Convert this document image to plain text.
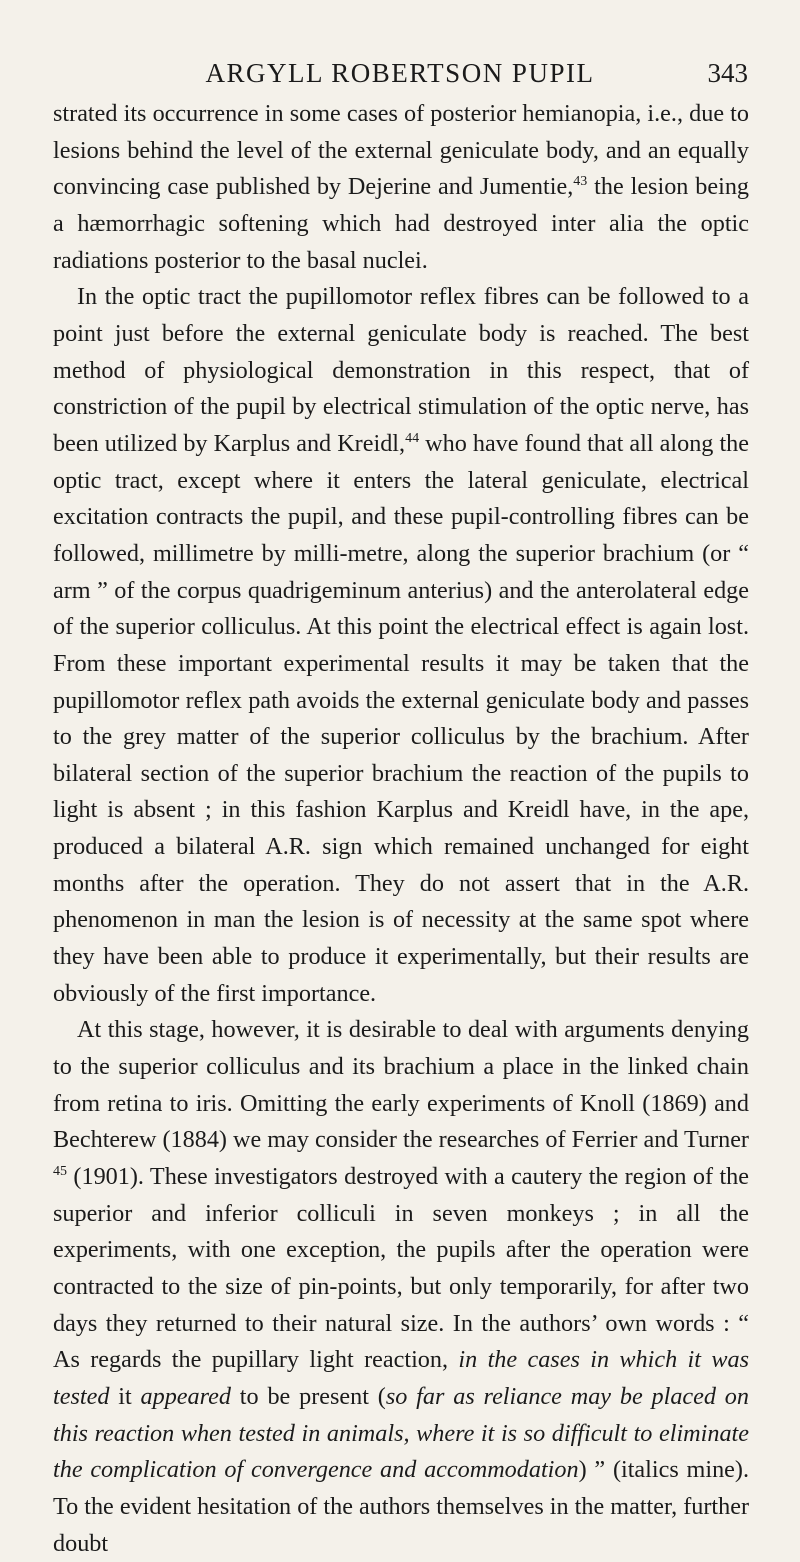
ARGYLL ROBERTSON PUPIL	343

strated its occurrence in some cases of posterior hemianopia, i.e., due to lesions behind the level of the external geniculate body, and an equally convincing case published by Dejerine and Jumentie,$^{43}$ the lesion being a hæmorrhagic softening which had destroyed inter alia the optic radiations posterior to the basal nuclei.

In the optic tract the pupillomotor reflex fibres can be followed to a point just before the external geniculate body is reached. The best method of physiological demonstration in this respect, that of constriction of the pupil by electrical stimulation of the optic nerve, has been utilized by Karplus and Kreidl,$^{44}$ who have found that all along the optic tract, except where it enters the lateral geniculate, electrical excitation contracts the pupil, and these pupil-controlling fibres can be followed, millimetre by milli-metre, along the superior brachium (or “ arm ” of the corpus quadrigeminum anterius) and the anterolateral edge of the superior colliculus. At this point the electrical effect is again lost. From these important experimental results it may be taken that the pupillomotor reflex path avoids the external geniculate body and passes to the grey matter of the superior colliculus by the brachium. After bilateral section of the superior brachium the reaction of the pupils to light is absent ; in this fashion Karplus and Kreidl have, in the ape, produced a bilateral A.R. sign which remained unchanged for eight months after the operation. They do not assert that in the A.R. phenomenon in man the lesion is of necessity at the same spot where they have been able to produce it experimentally, but their results are obviously of the first importance.

At this stage, however, it is desirable to deal with arguments denying to the superior colliculus and its brachium a place in the linked chain from retina to iris. Omitting the early experiments of Knoll (1869) and Bechterew (1884) we may consider the researches of Ferrier and Turner $^{45}$ (1901). These investigators destroyed with a cautery the region of the superior and inferior colliculi in seven monkeys ; in all the experiments, with one exception, the pupils after the operation were contracted to the size of pin-points, but only temporarily, for after two days they returned to their natural size. In the authors’ own words : “ As regards the pupillary light reaction, in the cases in which it was tested it appeared to be present (so far as reliance may be placed on this reaction when tested in animals, where it is so difficult to eliminate the complication of convergence and accommodation) ” (italics mine). To the evident hesitation of the authors themselves in the matter, further doubt
